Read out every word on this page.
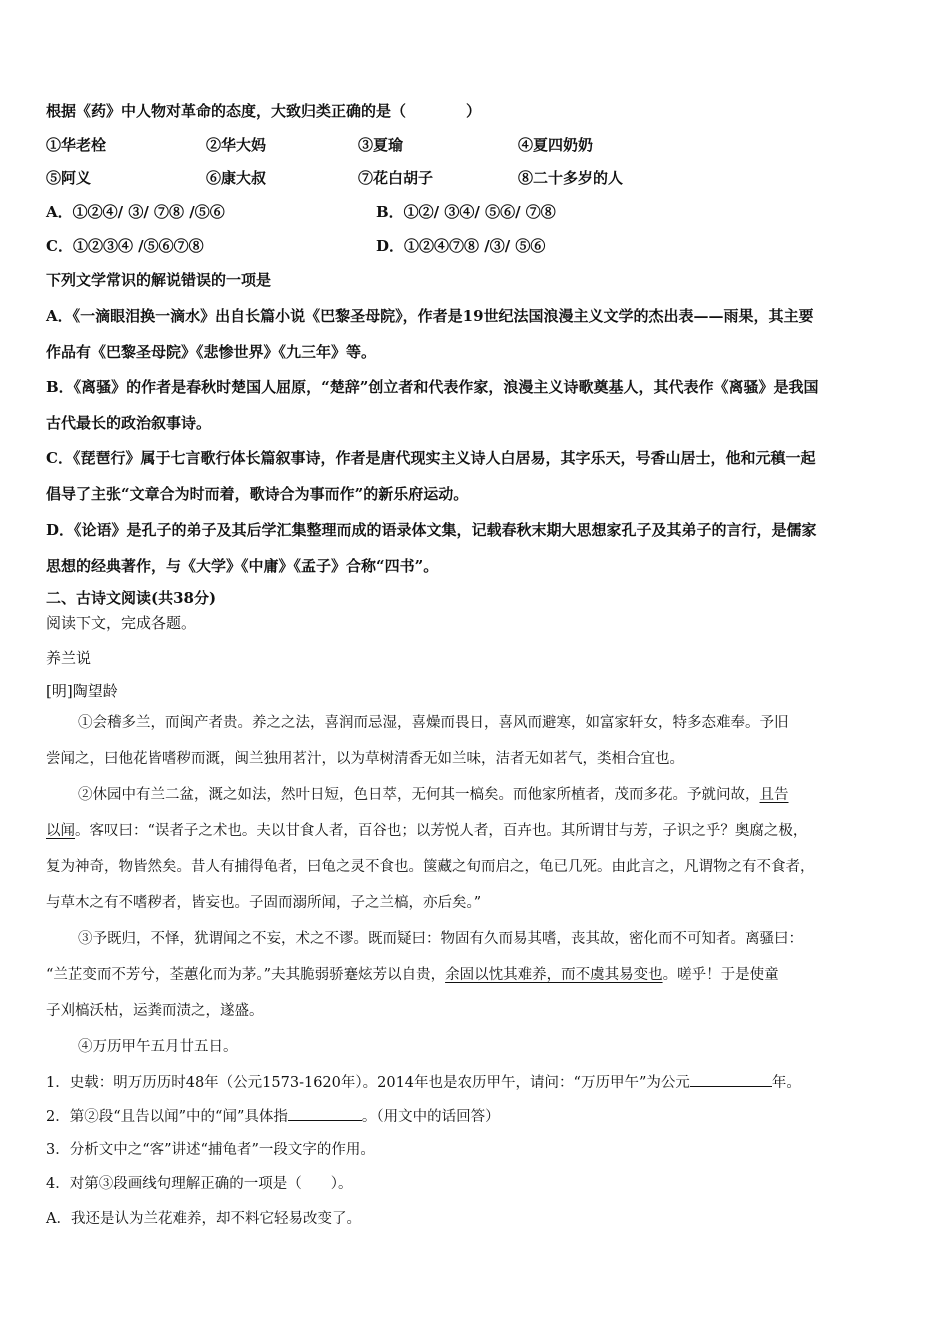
根据《药》中人物对革命的态度，大致归类正确的是（　　　　）
①华老栓	②华大妈	③夏瑜	④夏四奶奶
⑤阿义	⑥康大叔	⑦花白胡子	⑧二十多岁的人
A．①②④/ ③/ ⑦⑧ /⑤⑥	B．①②/ ③④/ ⑤⑥/ ⑦⑧
C．①②③④ /⑤⑥⑦⑧	D．①②④⑦⑧ /③/ ⑤⑥
下列文学常识的解说错误的一项是
A．《一滴眼泪换一滴水》出自长篇小说《巴黎圣母院》，作者是19世纪法国浪漫主义文学的杰出表——雨果，其主要
作品有《巴黎圣母院》《悲惨世界》《九三年》等。
B．《离骚》的作者是春秋时楚国人屈原，“楚辞”创立者和代表作家，浪漫主义诗歌奠基人，其代表作《离骚》是我国
古代最长的政治叙事诗。
C．《琵琶行》属于七言歌行体长篇叙事诗，作者是唐代现实主义诗人白居易，其字乐天，号香山居士，他和元稹一起
倡导了主张“文章合为时而着，歌诗合为事而作”的新乐府运动。
D．《论语》是孔子的弟子及其后学汇集整理而成的语录体文集，记载春秋末期大思想家孔子及其弟子的言行，是儒家
思想的经典著作，与《大学》《中庸》《孟子》合称“四书”。
二、古诗文阅读(共38分)
阅读下文，完成各题。
养兰说
[明]陶望龄
①会稽多兰，而闽产者贵。养之之法，喜润而忌湿，喜燥而畏日，喜风而避寒，如富家轩女，特多态难奉。予旧
尝闻之，曰他花皆嗜秽而溉，闽兰独用茗汁，以为草树清香无如兰味，洁者无如茗气，类相合宜也。
②休园中有兰二盆，溉之如法，然叶日短，色日萃，无何其一槁矣。而他家所植者，茂而多花。予就问故，且告
以闻。客叹曰：“误者子之术也。夫以甘食人者，百谷也；以芳悦人者，百卉也。其所谓甘与芳，子识之乎？奥腐之极，
复为神奇，物皆然矣。昔人有捕得龟者，曰龟之灵不食也。箧藏之旬而启之，龟已几死。由此言之，凡谓物之有不食者，
与草木之有不嗜秽者，皆妄也。子固而溺所闻，子之兰槁，亦后矣。”
③予既归，不怿，犹谓闻之不妄，术之不谬。既而疑曰：物固有久而易其嗜，丧其故，密化而不可知者。离骚曰：
“兰芷变而不芳兮，荃蕙化而为茅。”夫其脆弱骄蹇炫芳以自贵，余固以忱其难养，而不虞其易变也。嗟乎！于是使童
子刈槁沃枯，运粪而渍之，遂盛。
④万历甲午五月廿五日。
1．史载：明万历历时48年（公元1573-1620年）。2014年也是农历甲午，请问：“万历甲午”为公元	年。
2．第②段“且告以闻”中的“闻”具体指	。（用文中的话回答）
3．分析文中之“客”讲述“捕龟者”一段文字的作用。
4．对第③段画线句理解正确的一项是（　　）。
A．我还是认为兰花难养，却不料它轻易改变了。
